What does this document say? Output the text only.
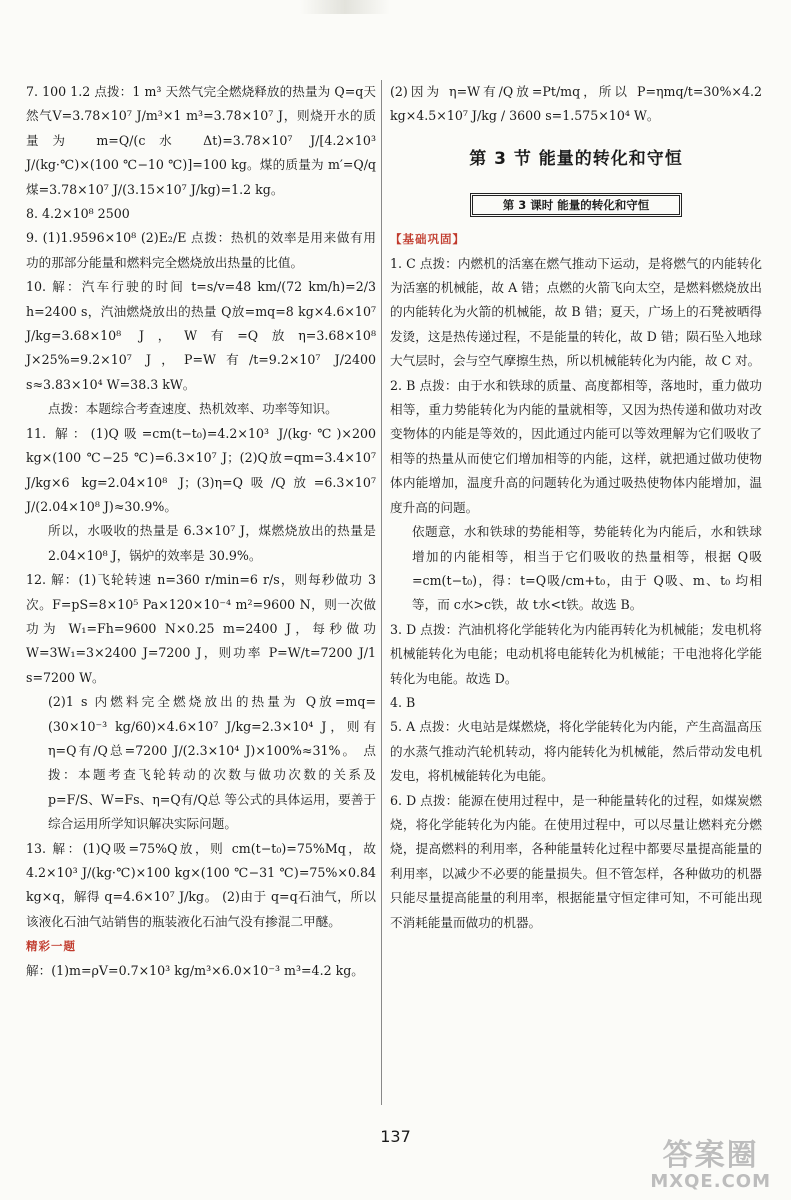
7. 100 1.2 点拨：1 m³ 天然气完全燃烧释放的热量为 Q=q天然气V=3.78×10⁷ J/m³×1 m³=3.78×10⁷ J，则烧开水的质量为 m=Q/(c水 Δt)=3.78×10⁷ J/[4.2×10³ J/(kg·℃)×(100 ℃−10 ℃)]=100 kg。煤的质量为 m′=Q/q煤=3.78×10⁷ J/(3.15×10⁷ J/kg)=1.2 kg。

8. 4.2×10⁸ 2500

9. (1)1.9596×10⁸ (2)E₂/E 点拨：热机的效率是用来做有用功的那部分能量和燃料完全燃烧放出热量的比值。

10. 解：汽车行驶的时间 t=s/v=48 km/(72 km/h)=2/3 h=2400 s，汽油燃烧放出的热量 Q放=mq=8 kg×4.6×10⁷ J/kg=3.68×10⁸ J，W有=Q放η=3.68×10⁸ J×25%=9.2×10⁷ J，P=W有/t=9.2×10⁷ J/2400 s≈3.83×10⁴ W=38.3 kW。

点拨：本题综合考查速度、热机效率、功率等知识。

11. 解：(1)Q吸=cm(t−t₀)=4.2×10³ J/(kg·℃)×200 kg×(100 ℃−25 ℃)=6.3×10⁷ J；(2)Q放=qm=3.4×10⁷ J/kg×6 kg=2.04×10⁸ J；(3)η=Q吸/Q放=6.3×10⁷ J/(2.04×10⁸ J)≈30.9%。

所以，水吸收的热量是 6.3×10⁷ J，煤燃烧放出的热量是 2.04×10⁸ J，锅炉的效率是 30.9%。

12. 解：(1)飞轮转速 n=360 r/min=6 r/s，则每秒做功 3 次。F=pS=8×10⁵ Pa×120×10⁻⁴ m²=9600 N，则一次做功为 W₁=Fh=9600 N×0.25 m=2400 J，每秒做功 W=3W₁=3×2400 J=7200 J，则功率 P=W/t=7200 J/1 s=7200 W。

(2)1 s 内燃料完全燃烧放出的热量为 Q放=mq=(30×10⁻³ kg/60)×4.6×10⁷ J/kg=2.3×10⁴ J，则有 η=Q有/Q总=7200 J/(2.3×10⁴ J)×100%≈31%。 点拨：本题考查飞轮转动的次数与做功次数的关系及 p=F/S、W=Fs、η=Q有/Q总 等公式的具体运用，要善于综合运用所学知识解决实际问题。

13. 解：(1)Q吸=75%Q放，则 cm(t−t₀)=75%Mq，故 4.2×10³ J/(kg·℃)×100 kg×(100 ℃−31 ℃)=75%×0.84 kg×q，解得 q=4.6×10⁷ J/kg。 (2)由于 q=q石油气，所以该液化石油气站销售的瓶装液化石油气没有掺混二甲醚。

精彩一题

解：(1)m=ρV=0.7×10³ kg/m³×6.0×10⁻³ m³=4.2 kg。

(2)因为 η=W有/Q放=Pt/mq，所以 P=ηmq/t=30%×4.2 kg×4.5×10⁷ J/kg / 3600 s=1.575×10⁴ W。

第 3 节 能量的转化和守恒
第 3 课时 能量的转化和守恒
【基础巩固】

1. C 点拨：内燃机的活塞在燃气推动下运动，是将燃气的内能转化为活塞的机械能，故 A 错；点燃的火箭飞向太空，是燃料燃烧放出的内能转化为火箭的机械能，故 B 错；夏天，广场上的石凳被晒得发烫，这是热传递过程，不是能量的转化，故 D 错；陨石坠入地球大气层时，会与空气摩擦生热，所以机械能转化为内能，故 C 对。

2. B 点拨：由于水和铁球的质量、高度都相等，落地时，重力做功相等，重力势能转化为内能的量就相等，又因为热传递和做功对改变物体的内能是等效的，因此通过内能可以等效理解为它们吸收了相等的热量从而使它们增加相等的内能，这样，就把通过做功使物体内能增加，温度升高的问题转化为通过吸热使物体内能增加，温度升高的问题。

依题意，水和铁球的势能相等，势能转化为内能后，水和铁球增加的内能相等，相当于它们吸收的热量相等，根据 Q吸=cm(t−t₀)，得：t=Q吸/cm+t₀，由于 Q吸、m、t₀ 均相等，而 c水>c铁，故 t水<t铁。故选 B。

3. D 点拨：汽油机将化学能转化为内能再转化为机械能；发电机将机械能转化为电能；电动机将电能转化为机械能；干电池将化学能转化为电能。故选 D。

4. B

5. A 点拨：火电站是煤燃烧，将化学能转化为内能，产生高温高压的水蒸气推动汽轮机转动，将内能转化为机械能，然后带动发电机发电，将机械能转化为电能。

6. D 点拨：能源在使用过程中，是一种能量转化的过程，如煤炭燃烧，将化学能转化为内能。在使用过程中，可以尽量让燃料充分燃烧，提高燃料的利用率，各种能量转化过程中都要尽量提高能量的利用率，以减少不必要的能量损失。但不管怎样，各种做功的机器只能尽量提高能量的利用率，根据能量守恒定律可知，不可能出现不消耗能量而做功的机器。

137
答案圈
MXQE.COM
